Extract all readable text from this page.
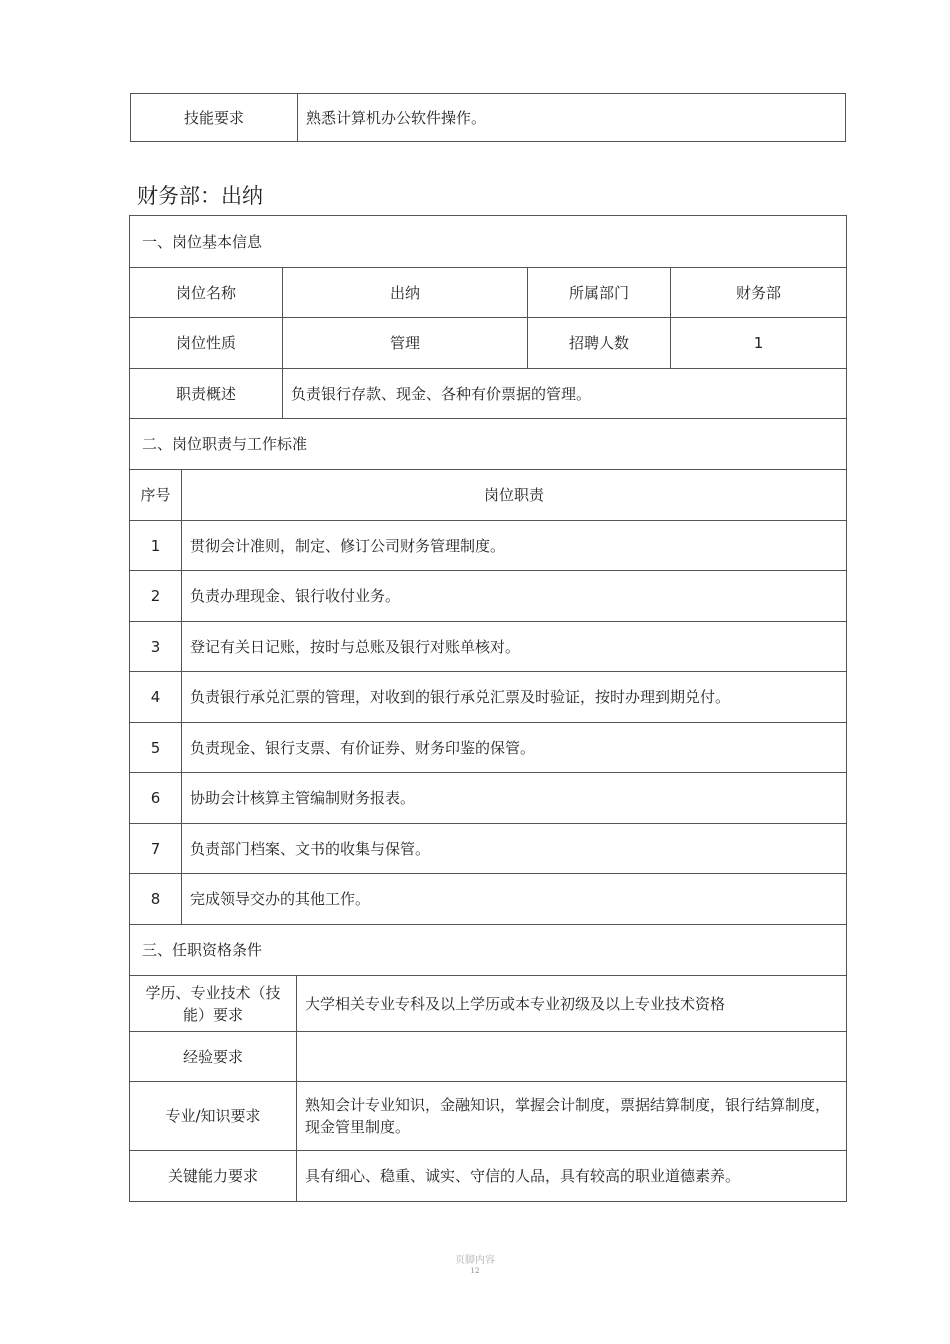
技能要求	熟悉计算机办公软件操作。
财务部：出纳
一、岗位基本信息					
岗位名称		出纳		所属部门	财务部
岗位性质		管理		招聘人数	1
职责概述		负责银行存款、现金、各种有价票据的管理。			
二、岗位职责与工作标准					
序号	岗位职责				
1	贯彻会计准则，制定、修订公司财务管理制度。				
2	负责办理现金、银行收付业务。				
3	登记有关日记账，按时与总账及银行对账单核对。				
4	负责银行承兑汇票的管理，对收到的银行承兑汇票及时验证，按时办理到期兑付。				
5	负责现金、银行支票、有价证券、财务印鉴的保管。				
6	协助会计核算主管编制财务报表。				
7	负责部门档案、文书的收集与保管。				
8	完成领导交办的其他工作。				
三、任职资格条件					
学历、专业技术（技能）要求			大学相关专业专科及以上学历或本专业初级及以上专业技术资格		
经验要求					
专业/知识要求			熟知会计专业知识，金融知识，掌握会计制度，票据结算制度，银行结算制度，现金管里制度。		
关键能力要求			具有细心、稳重、诚实、守信的人品，具有较高的职业道德素养。		
页脚内容
12
